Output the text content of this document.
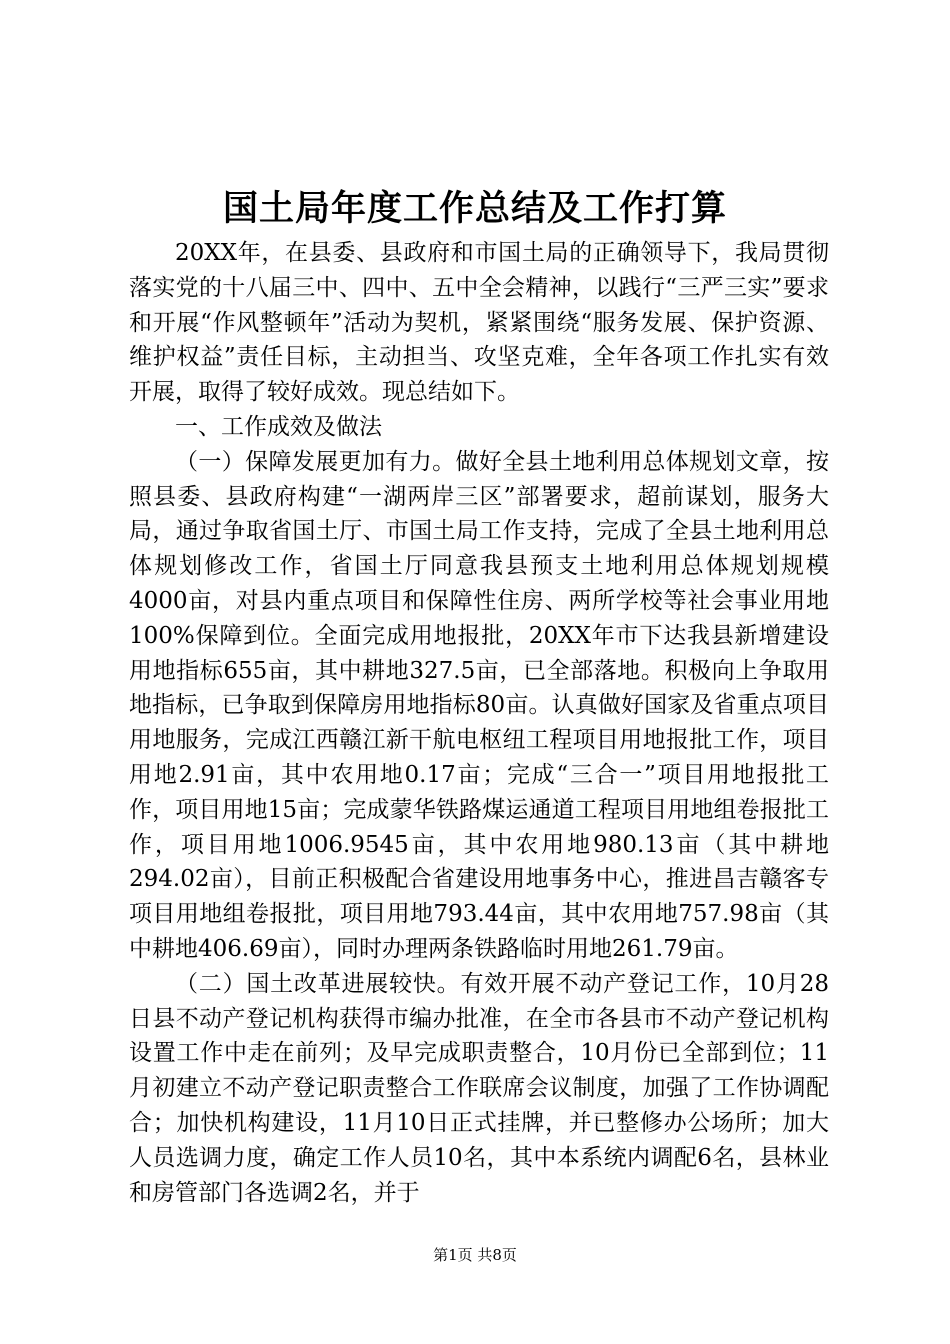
国土局年度工作总结及工作打算

20XX年，在县委、县政府和市国土局的正确领导下，我局贯彻落实党的十八届三中、四中、五中全会精神，以践行“三严三实”要求和开展“作风整顿年”活动为契机，紧紧围绕“服务发展、保护资源、维护权益”责任目标，主动担当、攻坚克难，全年各项工作扎实有效开展，取得了较好成效。现总结如下。

一、工作成效及做法

（一）保障发展更加有力。做好全县土地利用总体规划文章，按照县委、县政府构建“一湖两岸三区”部署要求，超前谋划，服务大局，通过争取省国土厅、市国土局工作支持，完成了全县土地利用总体规划修改工作，省国土厅同意我县预支土地利用总体规划规模4000亩，对县内重点项目和保障性住房、两所学校等社会事业用地100%保障到位。全面完成用地报批，20XX年市下达我县新增建设用地指标655亩，其中耕地327.5亩，已全部落地。积极向上争取用地指标，已争取到保障房用地指标80亩。认真做好国家及省重点项目用地服务，完成江西赣江新干航电枢纽工程项目用地报批工作，项目用地2.91亩，其中农用地0.17亩；完成“三合一”项目用地报批工作，项目用地15亩；完成蒙华铁路煤运通道工程项目用地组卷报批工作，项目用地1006.9545亩，其中农用地980.13亩（其中耕地294.02亩），目前正积极配合省建设用地事务中心，推进昌吉赣客专项目用地组卷报批，项目用地793.44亩，其中农用地757.98亩（其中耕地406.69亩），同时办理两条铁路临时用地261.79亩。

（二）国土改革进展较快。有效开展不动产登记工作，10月28日县不动产登记机构获得市编办批准，在全市各县市不动产登记机构设置工作中走在前列；及早完成职责整合，10月份已全部到位；11月初建立不动产登记职责整合工作联席会议制度，加强了工作协调配合；加快机构建设，11月10日正式挂牌，并已整修办公场所；加大人员选调力度，确定工作人员10名，其中本系统内调配6名，县林业和房管部门各选调2名，并于

第1页 共8页
